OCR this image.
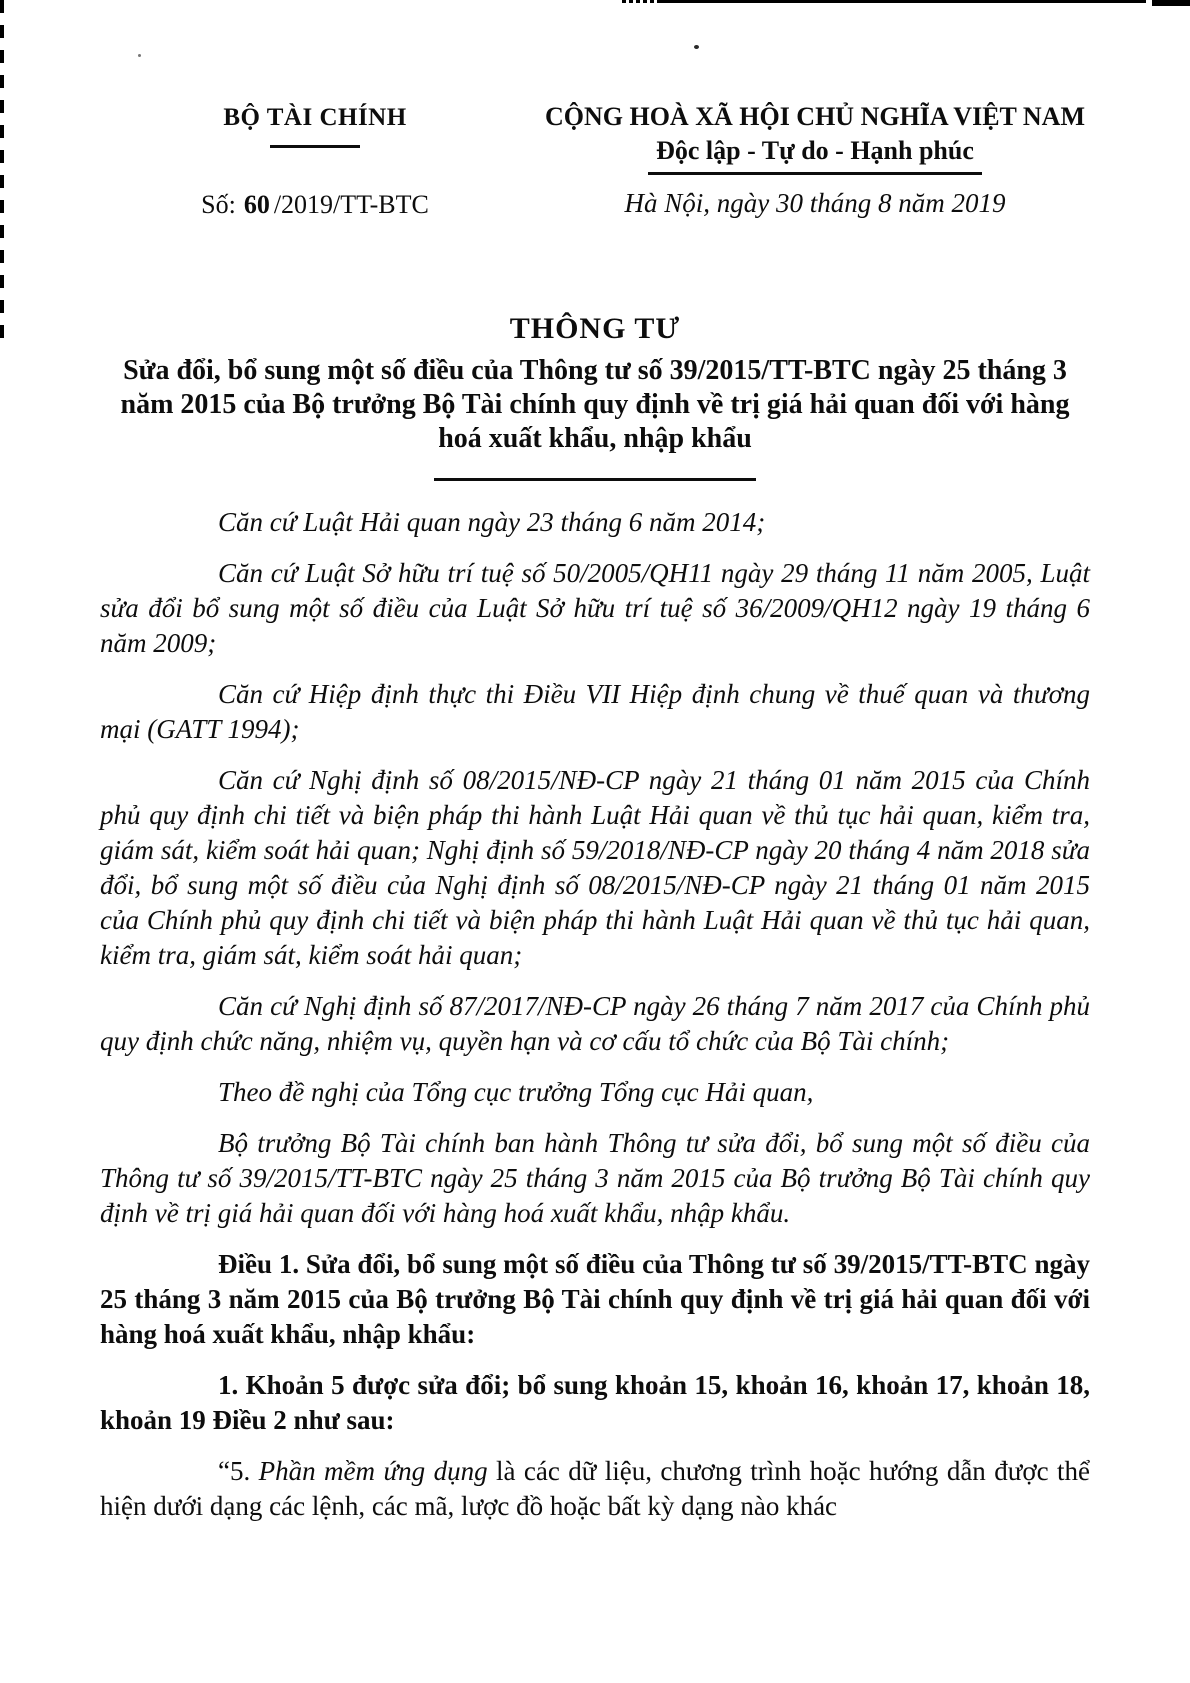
BỘ TÀI CHÍNH
Số: 60 /2019/TT-BTC
CỘNG HOÀ XÃ HỘI CHỦ NGHĨA VIỆT NAM
Độc lập - Tự do - Hạnh phúc
Hà Nội, ngày 30 tháng 8 năm 2019
THÔNG TƯ
Sửa đổi, bổ sung một số điều của Thông tư số 39/2015/TT-BTC ngày 25 tháng 3 năm 2015 của Bộ trưởng Bộ Tài chính quy định về trị giá hải quan đối với hàng hoá xuất khẩu, nhập khẩu

Căn cứ Luật Hải quan ngày 23 tháng 6 năm 2014;

Căn cứ Luật Sở hữu trí tuệ số 50/2005/QH11 ngày 29 tháng 11 năm 2005, Luật sửa đổi bổ sung một số điều của Luật Sở hữu trí tuệ số 36/2009/QH12 ngày 19 tháng 6 năm 2009;

Căn cứ Hiệp định thực thi Điều VII Hiệp định chung về thuế quan và thương mại (GATT 1994);

Căn cứ Nghị định số 08/2015/NĐ-CP ngày 21 tháng 01 năm 2015 của Chính phủ quy định chi tiết và biện pháp thi hành Luật Hải quan về thủ tục hải quan, kiểm tra, giám sát, kiểm soát hải quan; Nghị định số 59/2018/NĐ-CP ngày 20 tháng 4 năm 2018 sửa đổi, bổ sung một số điều của Nghị định số 08/2015/NĐ-CP ngày 21 tháng 01 năm 2015 của Chính phủ quy định chi tiết và biện pháp thi hành Luật Hải quan về thủ tục hải quan, kiểm tra, giám sát, kiểm soát hải quan;

Căn cứ Nghị định số 87/2017/NĐ-CP ngày 26 tháng 7 năm 2017 của Chính phủ quy định chức năng, nhiệm vụ, quyền hạn và cơ cấu tổ chức của Bộ Tài chính;

Theo đề nghị của Tổng cục trưởng Tổng cục Hải quan,

Bộ trưởng Bộ Tài chính ban hành Thông tư sửa đổi, bổ sung một số điều của Thông tư số 39/2015/TT-BTC ngày 25 tháng 3 năm 2015 của Bộ trưởng Bộ Tài chính quy định về trị giá hải quan đối với hàng hoá xuất khẩu, nhập khẩu.

Điều 1. Sửa đổi, bổ sung một số điều của Thông tư số 39/2015/TT-BTC ngày 25 tháng 3 năm 2015 của Bộ trưởng Bộ Tài chính quy định về trị giá hải quan đối với hàng hoá xuất khẩu, nhập khẩu:

1. Khoản 5 được sửa đổi; bổ sung khoản 15, khoản 16, khoản 17, khoản 18, khoản 19 Điều 2 như sau:

“5. Phần mềm ứng dụng là các dữ liệu, chương trình hoặc hướng dẫn được thể hiện dưới dạng các lệnh, các mã, lược đồ hoặc bất kỳ dạng nào khác
